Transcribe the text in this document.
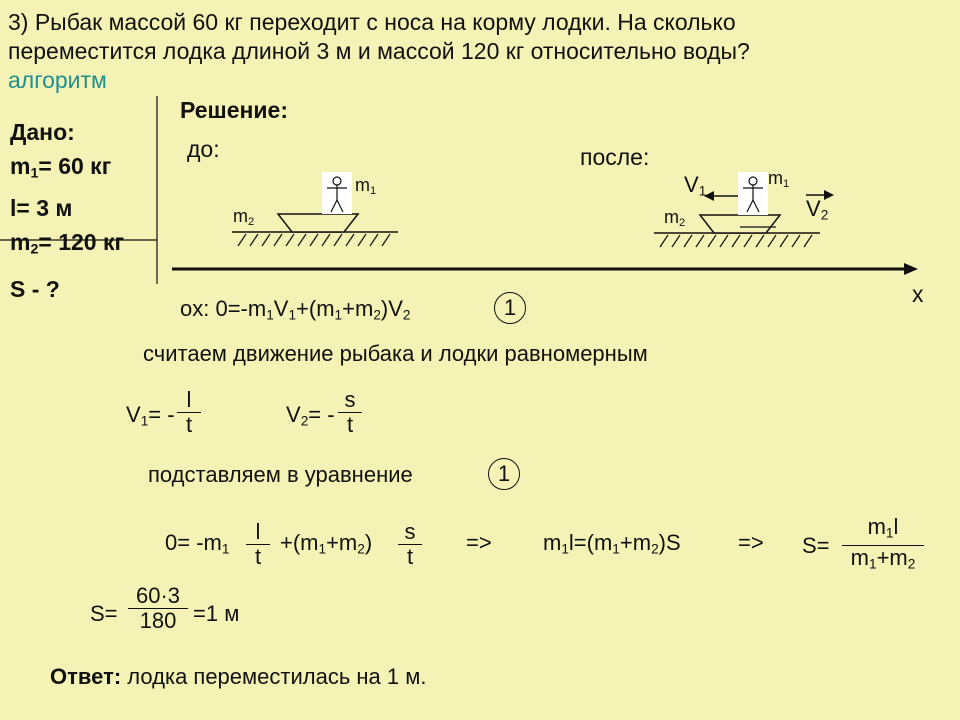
3) Рыбак массой 60 кг переходит с носа на корму лодки. На сколько
переместится лодка длиной 3 м и массой 120 кг относительно воды?
алгоритм
Дано:
$m_1= 60$ кг
l= 3 м
$m_2= 120$ кг
S - ?
Решение:
до:	после:
$m_1$
$m_2$
$V_1$
$m_1$
$V_2$
$m_2$
x
ox: $0=-m_1V_1+(m_1+m_2)V_2$	1
считаем движение рыбака и лодки равномерным
$V_1= - \frac{l}{t}$	$V_2= - \frac{s}{t}$
подставляем в уравнение	1
$0= -m_1 \frac{l}{t} +(m_1+m_2) \frac{s}{t} => m_1l=(m_1+m_2)S$	=> $S= \frac{m_1l}{m_1+m_2}$
$S= \frac{60\cdot 3}{180} =1$ м
Ответ: лодка переместилась на 1 м.
